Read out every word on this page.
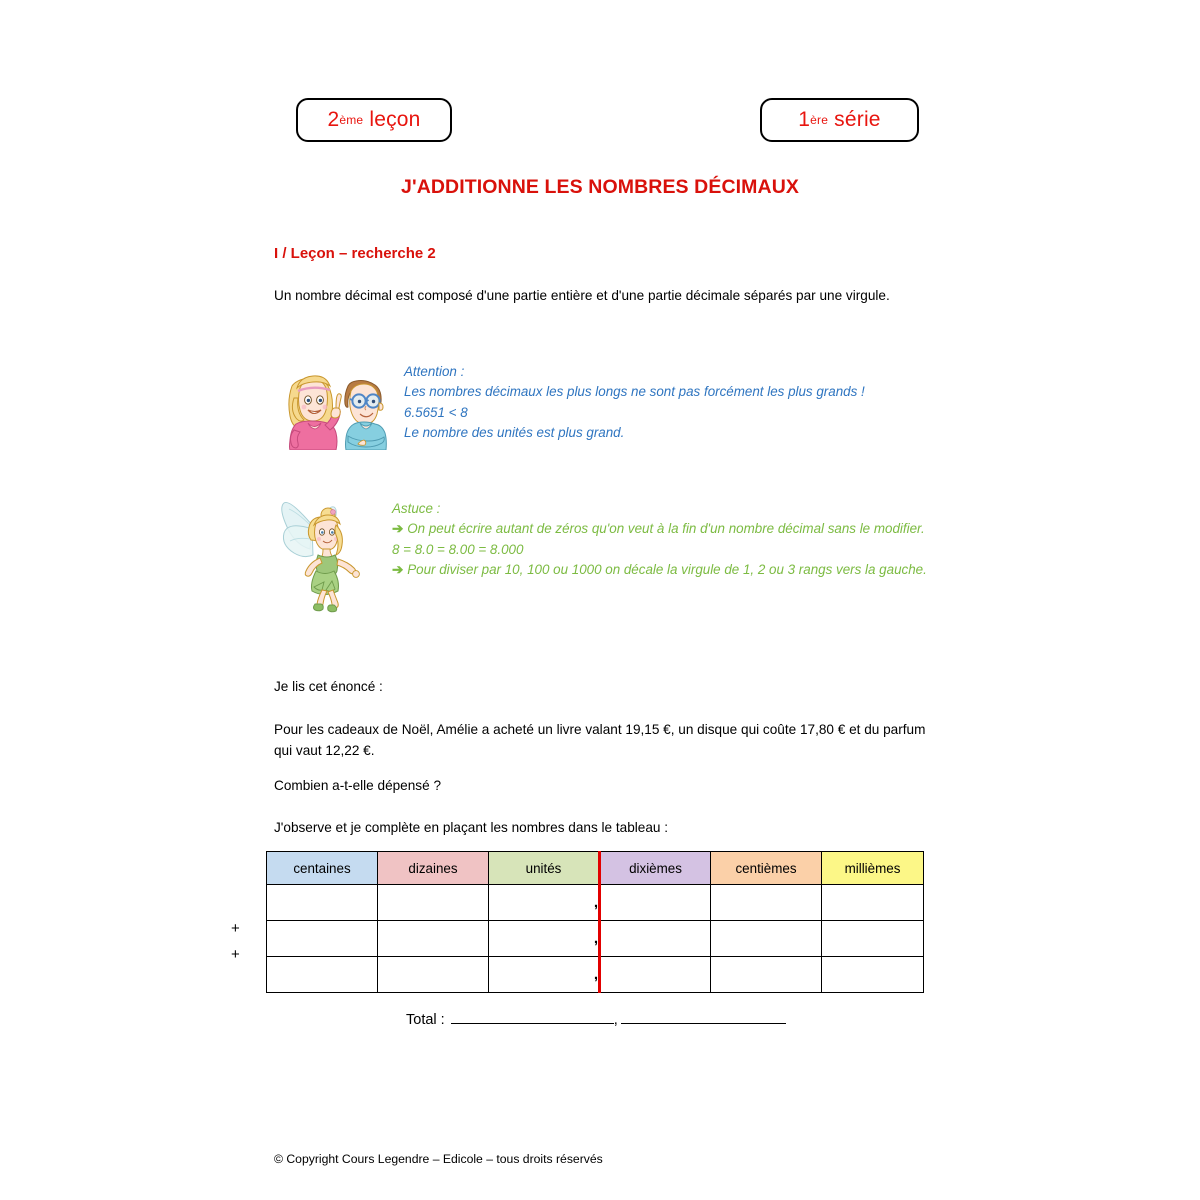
2 ème
leçon	1 ère
série
J'ADDITIONNE LES NOMBRES DÉCIMAUX
I / Leçon – recherche 2
Un nombre décimal est composé d'une partie entière et d'une partie décimale séparés par une virgule.
Attention :
Les nombres décimaux les plus longs ne sont pas forcément les plus grands !
6.5651 < 8
Le nombre des unités est plus grand.
Astuce :
➔ On peut écrire autant de zéros qu'on veut à la fin d'un nombre décimal sans le modifier.
8 = 8.0 = 8.00 = 8.000
➔ Pour diviser par 10, 100 ou 1000 on décale la virgule de 1, 2 ou 3 rangs vers la gauche.
Je lis cet énoncé :
Pour les cadeaux de Noël, Amélie a acheté un livre valant 19,15 €, un disque qui coûte 17,80 € et du parfum qui vaut 12,22 €.
Combien a-t-elle dépensé ?
J'observe et je complète en plaçant les nombres dans le tableau :
centaines	dizaines	unités	dixièmes	centièmes	millièmes
		,			
		,			
		,			
+
+
Total :	,
© Copyright Cours Legendre – Edicole – tous droits réservés
